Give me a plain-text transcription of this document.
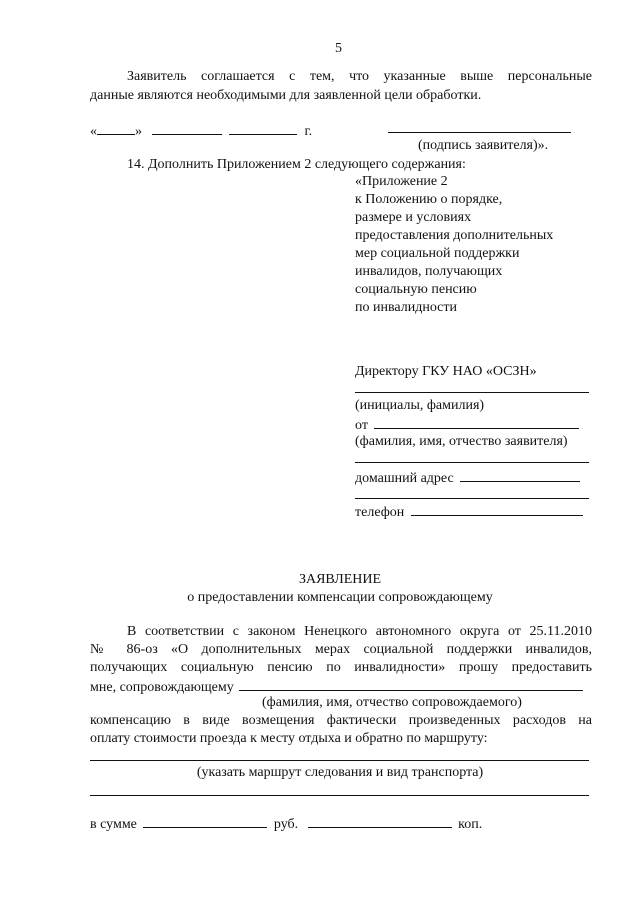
5
Заявитель соглашается с тем, что указанные выше персональные
данные являются необходимыми для заявленной цели обработки.
«	»	г.
(подпись заявителя)».
14. Дополнить Приложением 2 следующего содержания:
«Приложение 2
к Положению о порядке,
размере и условиях
предоставления дополнительных
мер социальной поддержки
инвалидов, получающих
социальную пенсию
по инвалидности
Директору ГКУ НАО «ОСЗН»
(инициалы, фамилия)
от
(фамилия, имя, отчество заявителя)
домашний адрес
телефон
ЗАЯВЛЕНИЕ
о предоставлении компенсации сопровождающему
В соответствии с законом Ненецкого автономного округа от 25.11.2010
№ 86-оз «О дополнительных мерах социальной поддержки инвалидов,
получающих социальную пенсию по инвалидности» прошу предоставить
мне, сопровождающему
(фамилия, имя, отчество сопровождаемого)
компенсацию в виде возмещения фактически произведенных расходов на
оплату стоимости проезда к месту отдыха и обратно по маршруту:
(указать маршрут следования и вид транспорта)
в сумме	руб.	коп.
